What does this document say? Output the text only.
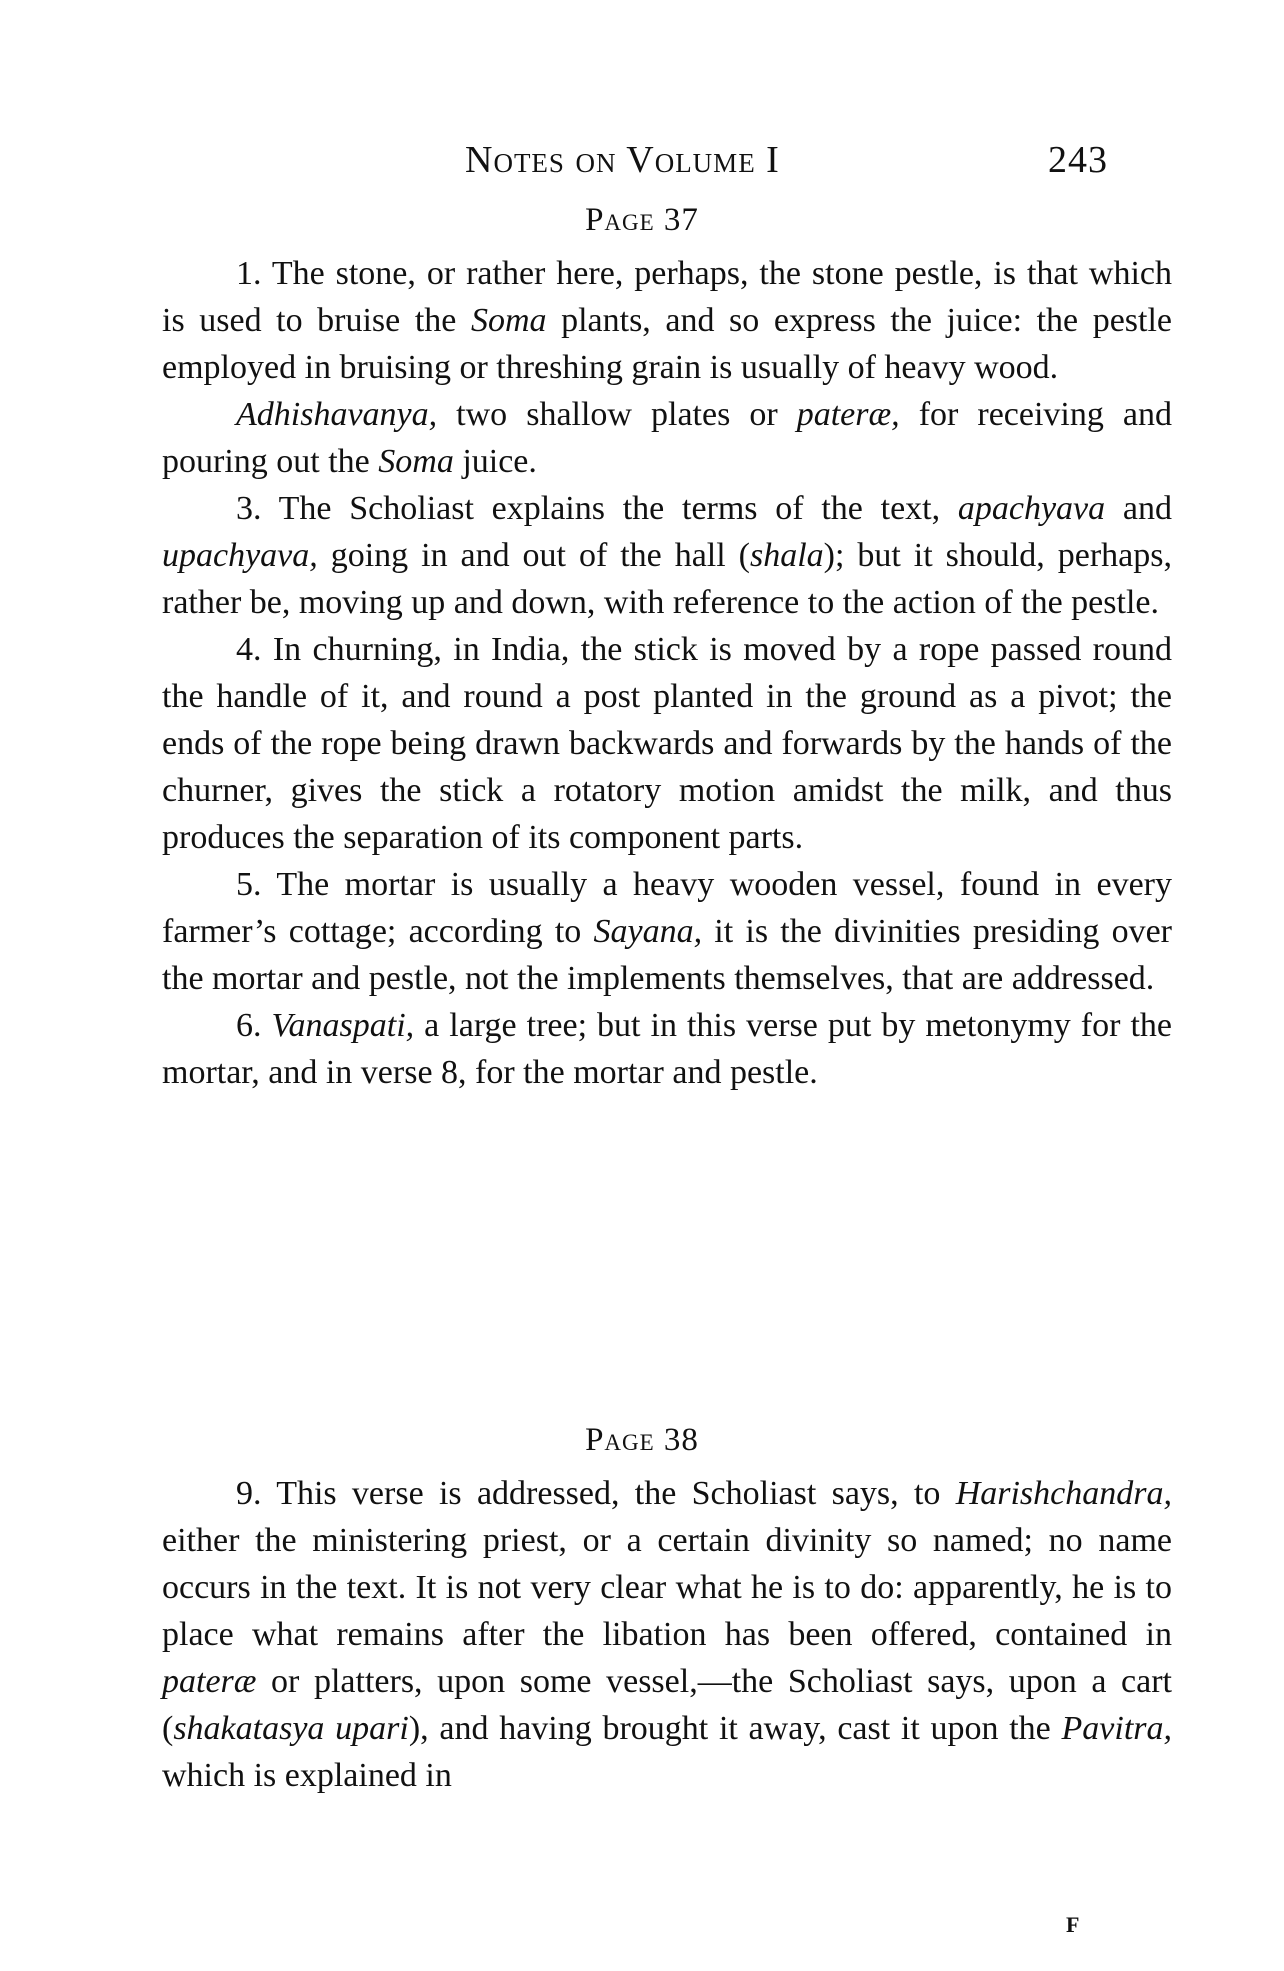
Notes on Volume I	243
Page 37

1. The stone, or rather here, perhaps, the stone pestle, is that which is used to bruise the Soma plants, and so express the juice: the pestle employed in bruising or threshing grain is usually of heavy wood.

Adhishavanya, two shallow plates or pateræ, for receiving and pouring out the Soma juice.

3. The Scholiast explains the terms of the text, apachyava and upachyava, going in and out of the hall (shala); but it should, perhaps, rather be, moving up and down, with reference to the action of the pestle.

4. In churning, in India, the stick is moved by a rope passed round the handle of it, and round a post planted in the ground as a pivot; the ends of the rope being drawn backwards and forwards by the hands of the churner, gives the stick a rotatory motion amidst the milk, and thus produces the separation of its component parts.

5. The mortar is usually a heavy wooden vessel, found in every farmer’s cottage; according to Sayana, it is the divinities presiding over the mortar and pestle, not the implements themselves, that are addressed.

6. Vanaspati, a large tree; but in this verse put by metonymy for the mortar, and in verse 8, for the mortar and pestle.

Page 38

9. This verse is addressed, the Scholiast says, to Harishchandra, either the ministering priest, or a certain divinity so named; no name occurs in the text. It is not very clear what he is to do: apparently, he is to place what remains after the libation has been offered, contained in pateræ or platters, upon some vessel,—the Scholiast says, upon a cart (shakatasya upari), and having brought it away, cast it upon the Pavitra, which is explained in

F
